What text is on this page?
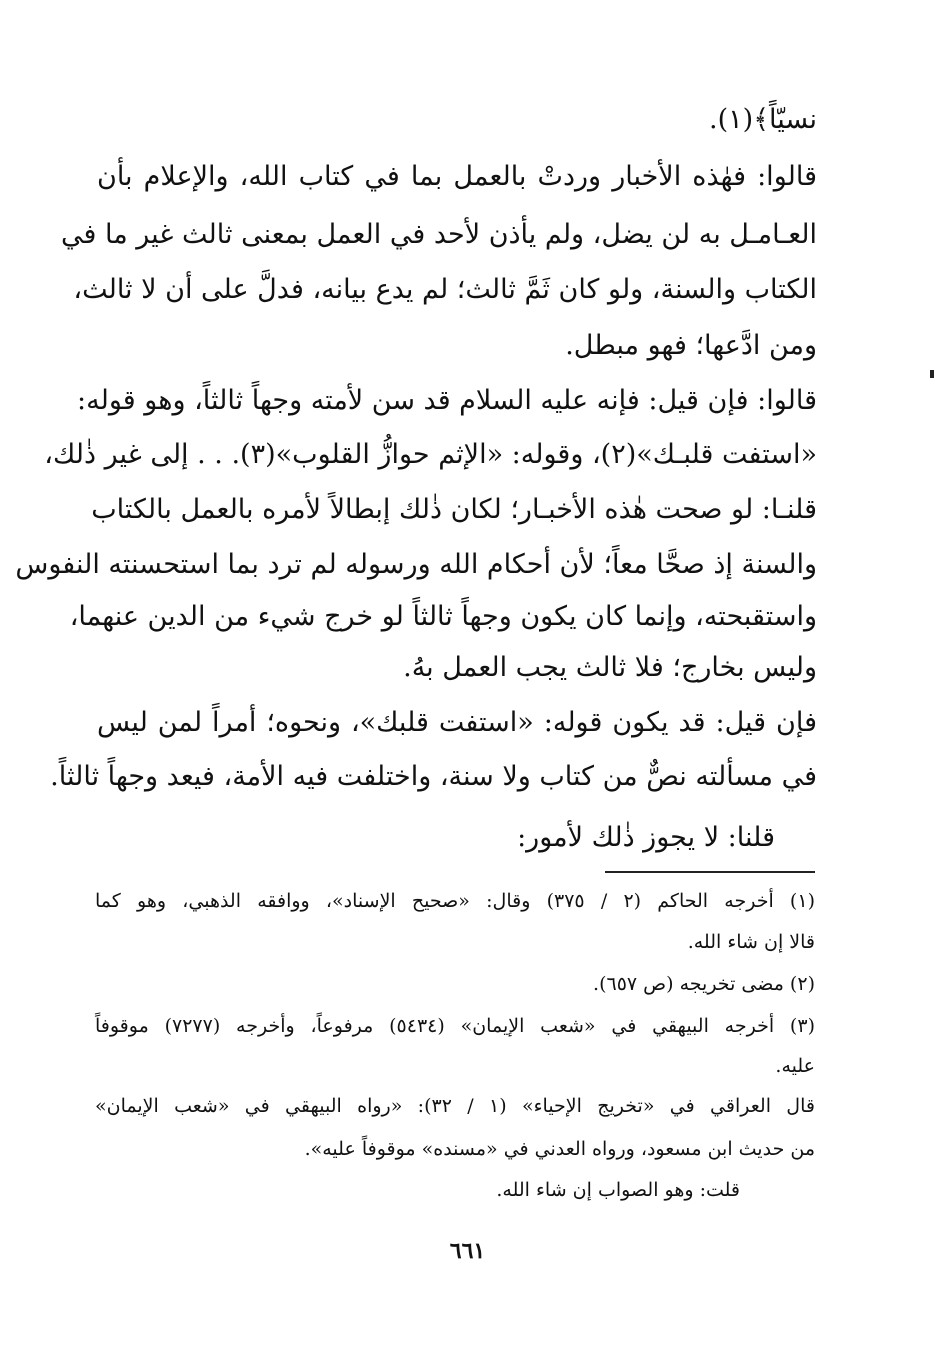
نسيّاً﴾(١).
قالوا: فهٰذه الأخبار وردتْ بالعمل بما في كتاب الله، والإعلام بأن
العـامـل به لن يضل، ولم يأذن لأحد في العمل بمعنى ثالث غير ما في
الكتاب والسنة، ولو كان ثَمَّ ثالث؛ لم يدع بيانه، فدلَّ على أن لا ثالث،
ومن ادَّعها؛ فهو مبطل.
قالوا: فإن قيل: فإنه عليه السلام قد سن لأمته وجهاً ثالثاً، وهو قوله:
«استفت قلبـك»(٢)، وقوله: «الإثم حوازُّ القلوب»(٣). . . إلى غير ذٰلك،
قلنـا: لو صحت هٰذه الأخبـار؛ لكان ذٰلك إبطالاً لأمره بالعمل بالكتاب
والسنة إذ صحَّا معاً؛ لأن أحكام الله ورسوله لم ترد بما استحسنته النفوس
واستقبحته، وإنما كان يكون وجهاً ثالثاً لو خرج شيء من الدين عنهما،
وليس بخارج؛ فلا ثالث يجب العمل بهُ.
فإن قيل: قد يكون قوله: «استفت قلبك»، ونحوه؛ أمراً لمن ليس
في مسألته نصٌّ من كتاب ولا سنة، واختلفت فيه الأمة، فيعد وجهاً ثالثاً.
قلنا: لا يجوز ذٰلك لأمور:
(١) أخرجه الحاكم (٢ / ٣٧٥) وقال: «صحيح الإسناد»، ووافقه الذهبي، وهو كما
قالا إن شاء الله.
(٢) مضى تخريجه (ص ٦٥٧).
(٣) أخرجه البيهقي في «شعب الإيمان» (٥٤٣٤) مرفوعاً، وأخرجه (٧٢٧٧) موقوفاً
عليه.
قال العراقي في «تخريج الإحياء» (١ / ٣٢): «رواه البيهقي في «شعب الإيمان»
من حديث ابن مسعود، ورواه العدني في «مسنده» موقوفاً عليه».
قلت: وهو الصواب إن شاء الله.
٦٦١
